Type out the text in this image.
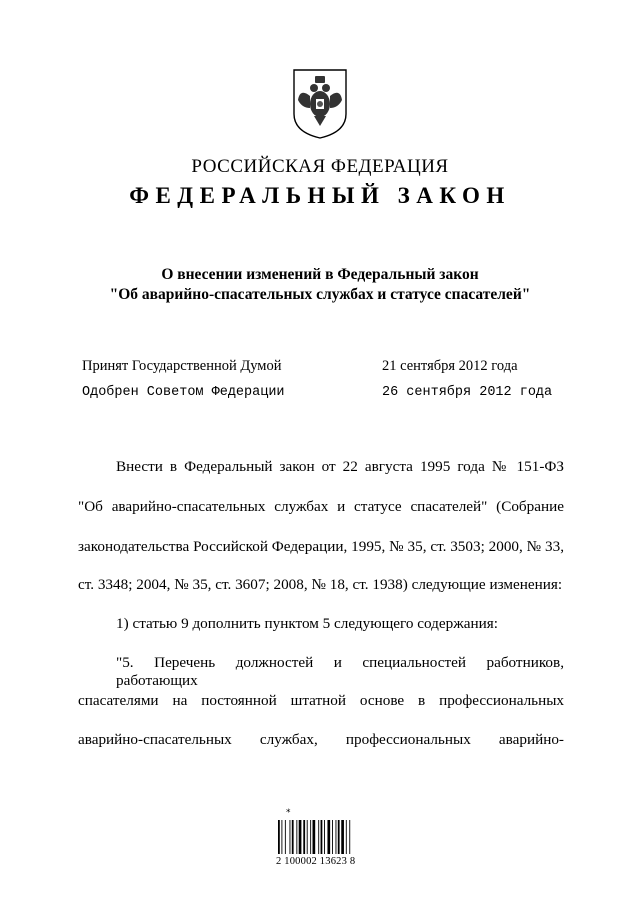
РОССИЙСКАЯ ФЕДЕРАЦИЯ
ФЕДЕРАЛЬНЫЙ ЗАКОН
О внесении изменений в Федеральный закон
"Об аварийно-спасательных службах и статусе спасателей"
Принят Государственной Думой	21 сентября 2012 года
Одобрен Советом Федерации	26 сентября 2012 года
Внести в Федеральный закон от 22 августа 1995 года № 151-ФЗ
"Об аварийно-спасательных службах и статусе спасателей" (Собрание
законодательства Российской Федерации, 1995, № 35, ст. 3503; 2000, № 33,
ст. 3348; 2004, № 35, ст. 3607; 2008, № 18, ст. 1938) следующие изменения:
1) статью 9 дополнить пунктом 5 следующего содержания:
"5. Перечень должностей и специальностей работников, работающих
спасателями на постоянной штатной основе в профессиональных
аварийно-спасательных службах, профессиональных аварийно-
*
2 100002 13623 8
